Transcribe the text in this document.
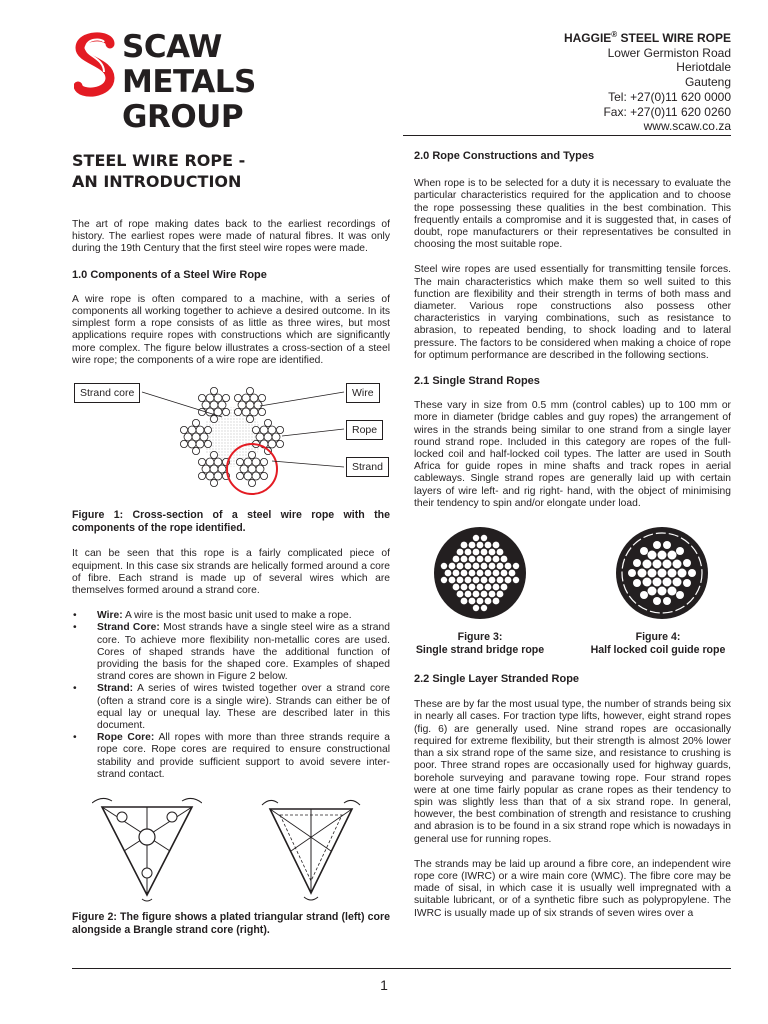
SCAW METALS
GROUP
HAGGIE® STEEL WIRE ROPE
Lower Germiston Road
Heriotdale
Gauteng
Tel: +27(0)11 620 0000
Fax: +27(0)11 620 0260
www.scaw.co.za
STEEL WIRE ROPE -
AN INTRODUCTION

The art of rope making dates back to the earliest recordings of history. The earliest ropes were made of natural fibres. It was only during the 19th Century that the first steel wire ropes were made.

1.0 Components of a Steel Wire Rope

A wire rope is often compared to a machine, with a series of components all working together to achieve a desired outcome. In its simplest form a rope consists of as little as three wires, but most applications require ropes with constructions which are significantly more complex. The figure below illustrates a cross-section of a steel wire rope; the components of a wire rope are identified.

Strand core	Wire
Rope
Strand

Figure 1: Cross-section of a steel wire rope with the components of the rope identified.

It can be seen that this rope is a fairly complicated piece of equipment. In this case six strands are helically formed around a core of fibre. Each strand is made up of several wires which are themselves formed around a strand core.

• Wire: A wire is the most basic unit used to make a rope.
• Strand Core: Most strands have a single steel wire as a strand core. To achieve more flexibility non-metallic cores are used. Cores of shaped strands have the additional function of providing the basis for the shaped core. Examples of shaped strand cores are shown in Figure 2 below.
• Strand: A series of wires twisted together over a strand core (often a strand core is a single wire). Strands can either be of equal lay or unequal lay. These are described later in this document.
• Rope Core: All ropes with more than three strands require a rope core. Rope cores are required to ensure constructional stability and provide sufficient support to avoid severe inter-strand contact.

Figure 2: The figure shows a plated triangular strand (left) core alongside a Brangle strand core (right).

2.0 Rope Constructions and Types

When rope is to be selected for a duty it is necessary to evaluate the particular characteristics required for the application and to choose the rope possessing these qualities in the best combination. This frequently entails a compromise and it is suggested that, in cases of doubt, rope manufacturers or their representatives be consulted in choosing the most suitable rope.

Steel wire ropes are used essentially for transmitting tensile forces. The main characteristics which make them so well suited to this function are flexibility and their strength in terms of both mass and diameter. Various rope constructions also possess other characteristics in varying combinations, such as resistance to abrasion, to repeated bending, to shock loading and to lateral pressure. The factors to be considered when making a choice of rope for optimum performance are described in the following sections.

2.1 Single Strand Ropes

These vary in size from 0.5 mm (control cables) up to 100 mm or more in diameter (bridge cables and guy ropes) the arrangement of wires in the strands being similar to one strand from a single layer round strand rope. Included in this category are ropes of the full-locked coil and half-locked coil types. The latter are used in South Africa for guide ropes in mine shafts and track ropes in aerial cableways. Single strand ropes are generally laid up with certain layers of wire left- and rig right- hand, with the object of minimising their tendency to spin and/or elongate under load.

Figure 3:
Single strand bridge rope
Figure 4:
Half locked coil guide rope
2.2 Single Layer Stranded Rope

These are by far the most usual type, the number of strands being six in nearly all cases. For traction type lifts, however, eight strand ropes (fig. 6) are generally used. Nine strand ropes are occasionally required for extreme flexibility, but their strength is almost 20% lower than a six strand rope of the same size, and resistance to crushing is poor. Three strand ropes are occasionally used for highway guards, borehole surveying and paravane towing rope. Four strand ropes were at one time fairly popular as crane ropes as their tendency to spin was slightly less than that of a six strand rope. In general, however, the best combination of strength and resistance to crushing and abrasion is to be found in a six strand rope which is nowadays in general use for running ropes.

The strands may be laid up around a fibre core, an independent wire rope core (IWRC) or a wire main core (WMC). The fibre core may be made of sisal, in which case it is usually well impregnated with a suitable lubricant, or of a synthetic fibre such as polypropylene. The IWRC is usually made up of six strands of seven wires over a

1
